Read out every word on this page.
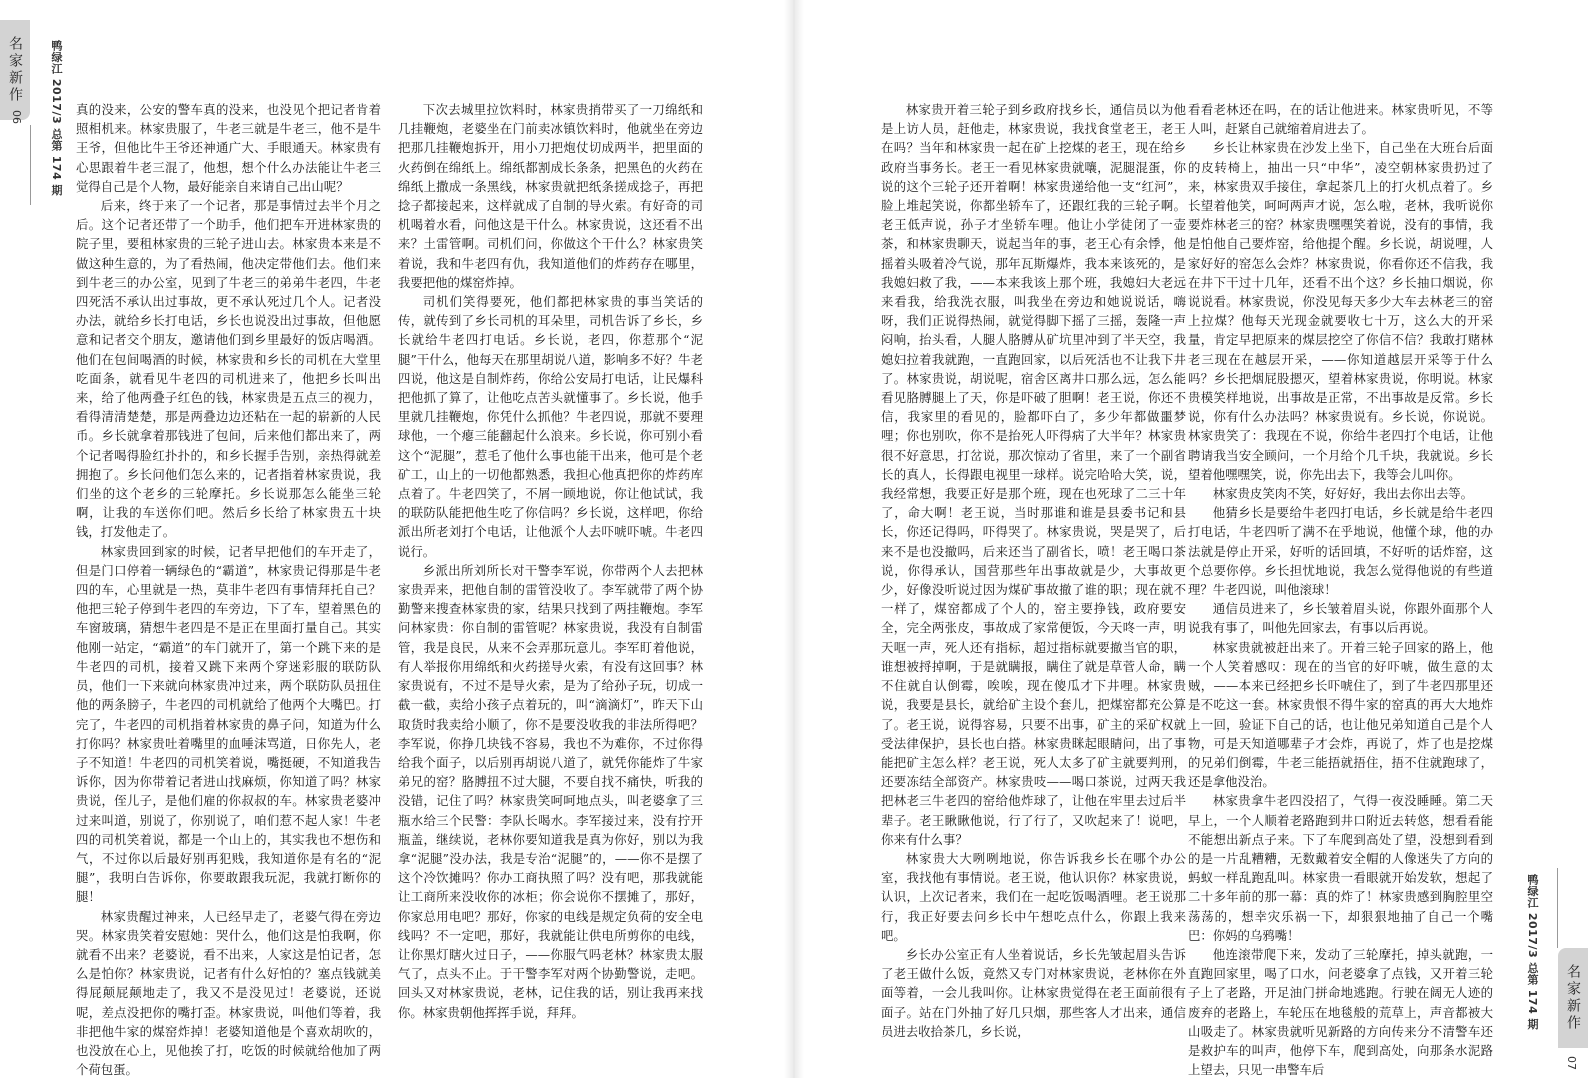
名家新作
06 鸭绿江 2017/3 总第 174 期
名家新作
07
鸭绿江 2017/3 总第 174 期

真的没来，公安的警车真的没来，也没见个把记者肯着照相机来。林家贵服了，牛老三就是牛老三，他不是牛王爷，但他比牛王爷还神通广大、手眼通天。林家贵有心思跟着牛老三混了，他想，想个什么办法能让牛老三觉得自己是个人物，最好能亲自来请自己出山呢？

后来，终于来了一个记者，那是事情过去半个月之后。这个记者还带了一个助手，他们把车开进林家贵的院子里，要租林家贵的三轮子进山去。林家贵本来是不做这种生意的，为了看热闹，他决定带他们去。他们来到牛老三的办公室，见到了牛老三的弟弟牛老四，牛老四死活不承认出过事故，更不承认死过几个人。记者没办法，就给乡长打电话，乡长也说没出过事故，但他愿意和记者交个朋友，邀请他们到乡里最好的饭店喝酒。他们在包间喝酒的时候，林家贵和乡长的司机在大堂里吃面条，就看见牛老四的司机进来了，他把乡长叫出来，给了他两叠子红色的钱，林家贵是五点三的视力，看得清清楚楚，那是两叠边边还粘在一起的崭新的人民币。乡长就拿着那钱进了包间，后来他们都出来了，两个记者喝得脸红扑扑的，和乡长握手告别，亲热得就差拥抱了。乡长问他们怎么来的，记者指着林家贵说，我们坐的这个老乡的三轮摩托。乡长说那怎么能坐三轮啊，让我的车送你们吧。然后乡长给了林家贵五十块钱，打发他走了。

林家贵回到家的时候，记者早把他们的车开走了，但是门口停着一辆绿色的“霸道”，林家贵记得那是牛老四的车，心里就是一热，莫非牛老四有事情拜托自己？他把三轮子停到牛老四的车旁边，下了车，望着黑色的车窗玻璃，猜想牛老四是不是正在里面打量自己。其实他刚一站定，“霸道”的车门就开了，第一个跳下来的是牛老四的司机，接着又跳下来两个穿迷彩服的联防队员，他们一下来就向林家贵冲过来，两个联防队员扭住他的两条膀子，牛老四的司机就给了他两个大嘴巴。打完了，牛老四的司机指着林家贵的鼻子问，知道为什么打你吗？林家贵吐着嘴里的血唾沫骂道，日你先人，老子不知道！牛老四的司机笑着说，嘴挺硬，不知道我告诉你，因为你带着记者进山找麻烦，你知道了吗？林家贵说，侄儿子，是他们雇的你叔叔的车。林家贵老婆冲过来叫道，别说了，你别说了，咱们惹不起人家！牛老四的司机笑着说，都是一个山上的，其实我也不想伤和气，不过你以后最好别再犯贱，我知道你是有名的“泥腿”，我明白告诉你，你要敢跟我玩泥，我就打断你的腿！

林家贵醒过神来，人已经早走了，老婆气得在旁边哭。林家贵笑着安慰她：哭什么，他们这是怕我啊，你就看不出来？老婆说，看不出来，人家这是怕记者，怎么是怕你？林家贵说，记者有什么好怕的？塞点钱就美得屁颠屁颠地走了，我又不是没见过！老婆说，还说呢，差点没把你的嘴打歪。林家贵说，叫他们等着，我非把他牛家的煤窑炸掉！老婆知道他是个喜欢胡吹的，也没放在心上，见他挨了打，吃饭的时候就给他加了两个荷包蛋。

下次去城里拉饮料时，林家贵捎带买了一刀绵纸和几挂鞭炮，老婆坐在门前卖冰镇饮料时，他就坐在旁边把那几挂鞭炮拆开，用小刀把炮仗切成两半，把里面的火药倒在绵纸上。绵纸都割成长条条，把黑色的火药在绵纸上撒成一条黑线，林家贵就把纸条搓成捻子，再把捻子都接起来，这样就成了自制的导火索。有好奇的司机喝着水看，问他这是干什么。林家贵说，这还看不出来？土雷管啊。司机们问，你做这个干什么？林家贵笑着说，我和牛老四有仇，我知道他们的炸药存在哪里，我要把他的煤窑炸掉。

司机们笑得要死，他们都把林家贵的事当笑话的传，就传到了乡长司机的耳朵里，司机告诉了乡长，乡长就给牛老四打电话。乡长说，老四，你惹那个“泥腿”干什么，他每天在那里胡说八道，影响多不好？牛老四说，他这是自制炸药，你给公安局打电话，让民爆科把他抓了算了，让他吃点苦头就懂事了。乡长说，他手里就几挂鞭炮，你凭什么抓他？牛老四说，那就不要理球他，一个瘪三能翻起什么浪来。乡长说，你可别小看这个“泥腿”，惹毛了他什么事也能干出来，他可是个老矿工，山上的一切他都熟悉，我担心他真把你的炸药库点着了。牛老四笑了，不屑一顾地说，你让他试试，我的联防队能把他生吃了你信吗？乡长说，这样吧，你给派出所老刘打个电话，让他派个人去吓唬吓唬。牛老四说行。

乡派出所刘所长对干警李军说，你带两个人去把林家贵弄来，把他自制的雷管没收了。李军就带了两个协勤警来搜查林家贵的家，结果只找到了两挂鞭炮。李军问林家贵：你自制的雷管呢？林家贵说，我没有自制雷管，我是良民，从来不会弄那玩意儿。李军盯着他说，有人举报你用绵纸和火药搓导火索，有没有这回事？林家贵说有，不过不是导火索，是为了给孙子玩，切成一截一截，卖给小孩子点着玩的，叫“滴滴灯”，昨天下山取货时我卖给小顺了，你不是要没收我的非法所得吧？李军说，你挣几块钱不容易，我也不为难你，不过你得给我个面子，以后别再胡说八道了，就凭你能炸了牛家弟兄的窑？胳膊扭不过大腿，不要自找不痛快，听我的没错，记住了吗？林家贵笑呵呵地点头，叫老婆拿了三瓶水给三个民警：李队长喝水。李军接过来，没有拧开瓶盖，继续说，老林你要知道我是真为你好，别以为我拿“泥腿”没办法，我是专治“泥腿”的，——你不是摆了这个冷饮摊吗？你办工商执照了吗？没有吧，那我就能让工商所来没收你的冰柜；你会说你不摆摊了，那好，你家总用电吧？那好，你家的电线是规定负荷的安全电线吗？不一定吧，那好，我就能让供电所剪你的电线，让你黑灯瞎火过日子，——你服气吗老林？林家贵太服气了，点头不止。于干警李军对两个协勤警说，走吧。回头又对林家贵说，老林，记住我的话，别让我再来找你。林家贵朝他挥挥手说，拜拜。

林家贵开着三轮子到乡政府找乡长，通信员以为他是上访人员，赶他走，林家贵说，我找食堂老王，老王在吗？当年和林家贵一起在矿上挖煤的老王，现在给乡政府当事务长。老王一看见林家贵就嚷，泥腿混蛋，你说的这个三轮子还开着啊！林家贵递给他一支“红河”，脸上堆起笑说，你都坐轿车了，还跟红我的三轮子啊。老王低声说，孙子才坐轿车哩。他让小学徒闭了一壶茶，和林家贵聊天，说起当年的事，老王心有余悸，他摇着头吸着冷气说，那年瓦斯爆炸，我本来该死的，是我媳妇救了我，——本来我该上那个班，我媳妇大老远来看我，给我洗衣服，叫我坐在旁边和她说说话，嗨呀，我们正说得热闹，就觉得脚下摇了三摇，轰隆一声闷响，抬头看，人腿人胳膊从矿坑里冲到了半天空，我媳妇拉着我就跑，一直跑回家，以后死活也不让我下井了。林家贵说，胡说呢，宿舍区离井口那么远，怎么能看见胳膊腿上了天，你是吓破了胆啊！老王说，你还不信，我家里的看见的，脸都吓白了，多少年都做噩梦哩；你也别吹，你不是抬死人吓得病了大半年？林家贵很不好意思，打岔说，那次惊动了省里，来了一个副省长的真人，长得跟电视里一球样。说完哈哈大笑，说，我经常想，我要正好是那个班，现在也死球了二三十年了，命大啊！老王说，当时那谁和谁是县委书记和县长，你还记得吗，吓得哭了。林家贵说，哭是哭了，后来不是也没撤吗，后来还当了副省长，喷！老王喝口茶说，你得承认，国营那些年出事故就是少，大事故更少，好像没听说过因为煤矿事故撤了谁的职；现在就不一样了，煤窑都成了个人的，窑主要挣钱，政府要安全，完全两张皮，事故成了家常便饭，今天咚一声，明天哐一声，死人还有指标，超过指标就要撤当官的职，谁想被捋掉啊，于是就瞒报，瞒住了就是草菅人命，瞒不住就自认倒霉，唉唉，现在傻瓜才下井哩。林家贵说，我要是县长，就给矿主设个套儿，把煤窑都充公算了。老王说，说得容易，只要不出事，矿主的采矿权就受法律保护，县长也白搭。林家贵眯起眼睛问，出了事能把矿主怎么样？老王说，死人太多了矿主就要判刑，还要冻结全部资产。林家贵吱——喝口茶说，过两天我把林老三牛老四的窑给他炸球了，让他在牢里去过后半辈子。老王瞅瞅他说，行了行了，又吹起来了！说吧，你来有什么事？

林家贵大大咧咧地说，你告诉我乡长在哪个办公室，我找他有事情说。老王说，他认识你？林家贵说，认识，上次记者来，我们在一起吃饭喝酒哩。老王说那行，我正好要去问乡长中午想吃点什么，你跟上我来吧。

乡长办公室正有人坐着说话，乡长先皱起眉头告诉了老王做什么饭，竟然又专门对林家贵说，老林你在外面等着，一会儿我叫你。让林家贵觉得在老王面前很有面子。站在门外抽了好几只烟，那些客人才出来，通信员进去收拾茶几，乡长说，

看看老林还在吗，在的话让他进来。林家贵听见，不等人叫，赶紧自己就缩着肩进去了。

乡长让林家贵在沙发上坐下，自己坐在大班台后面的皮转椅上，抽出一只“中华”，凌空朝林家贵扔过了来，林家贵双手接住，拿起茶几上的打火机点着了。乡长望着他笑，呵呵两声才说，怎么啦，老林，我听说你要炸林老三的窑？林家贵嘿嘿笑着说，没有的事情，我是怕他自己要炸窑，给他提个醒。乡长说，胡说哩，人家好好的窑怎么会炸？林家贵说，你看你还不信我，我在井下干过十几年，还看不出个这？乡长抽口烟说，你说说看。林家贵说，你没见每天多少大车去林老三的窑上拉煤？他每天光现金就要收七十万，这么大的开采量，肯定早把原来的煤层挖空了你信不信？我敢打赌林老三现在在越层开采，——你知道越层开采等于什么吗？乡长把烟屁股摁灭，望着林家贵说，你明说。林家贵模笑样地说，出事故是正常，不出事故是反常。乡长说，你有什么办法吗？林家贵说有。乡长说，你说说。林家贵笑了：我现在不说，你给牛老四打个电话，让他聘请我当安全顾问，一个月给个几千块，我就说。乡长望着他嘿嘿笑，说，你先出去下，我等会儿叫你。

林家贵皮笑肉不笑，好好好，我出去你出去等。

他猜乡长是要给牛老四打电话，乡长就是给牛老四打电话，牛老四听了满不在乎地说，他懂个球，他的办法就是停止开采，好听的话回填，不好听的话炸窑，这个总要你停。乡长担忧地说，我怎么觉得他说的有些道理？牛老四说，叫他滚球！

通信员进来了，乡长皱着眉头说，你跟外面那个人说我有事了，叫他先回家去，有事以后再说。

林家贵就被赶出来了。开着三轮子回家的路上，他一个人笑着感叹：现在的当官的好吓唬，做生意的太贼，——本来已经把乡长吓唬住了，到了牛老四那里还是不吃这一套。林家贵恨不得牛家的窑真的再大大地炸上一回，验证下自己的话，也让他兄弟知道自己是个人物，可是天知道哪辈子才会炸，再说了，炸了也是挖煤的兄弟们倒霉，牛老三能捂就捂住，捂不住就跑球了，还是拿他没治。

林家贵拿牛老四没招了，气得一夜没睡睡。第二天早上，一个人顺着老路跑到井口附近去转悠，想看看能不能想出新点子来。下了车爬到高处了望，没想到看到的是一片乱糟糟，无数戴着安全帽的人像迷失了方向的蚂蚁一样乱跑乱叫。林家贵一看眼就开始发软，想起了二十多年前的那一幕：真的炸了！林家贵感到胸腔里空荡荡的，想幸灾乐祸一下，却狠狠地抽了自己一个嘴巴：你妈的乌鸦嘴！

他连滚带爬下来，发动了三轮摩托，掉头就跑，一直跑回家里，喝了口水，问老婆拿了点钱，又开着三轮子上了老路，开足油门拼命地逃跑。行驶在阔无人迹的废弃的老路上，车轮压在地毯般的荒草上，声音都被大山吸走了。林家贵就听见新路的方向传来分不清警车还是救护车的叫声，他停下车，爬到高处，向那条水泥路上望去，只见一串警车后
